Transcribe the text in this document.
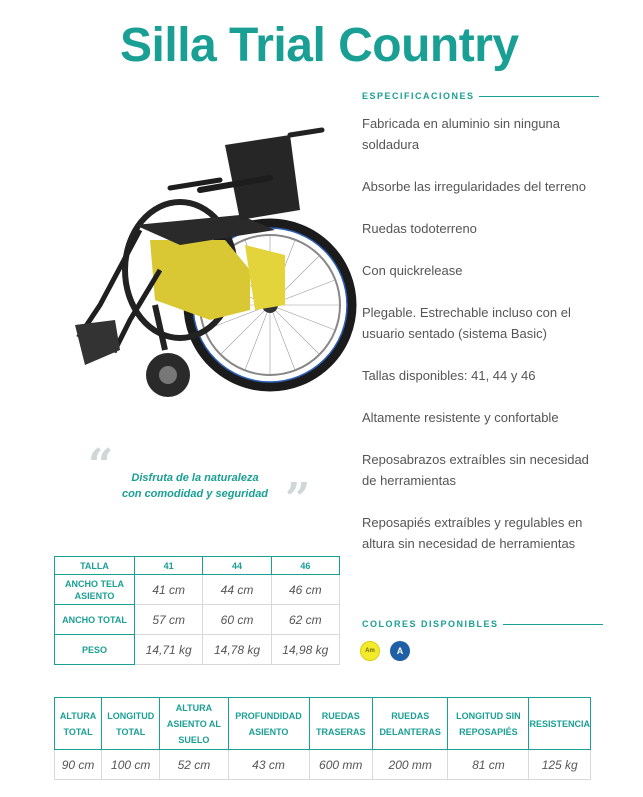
Silla Trial Country
ESPECIFICACIONES
Fabricada en aluminio sin ninguna soldadura
Absorbe las irregularidades del terreno
Ruedas todoterreno
Con quickrelease
Plegable. Estrechable incluso con el usuario sentado (sistema Basic)
Tallas disponibles: 41, 44 y 46
Altamente resistente y confortable
Reposabrazos extraíbles sin necesidad de herramientas
Reposapiés extraíbles y regulables en altura sin necesidad de herramientas
“	Disfruta de la naturaleza
con comodidad y seguridad ”
TALLA	41	44	46
ANCHO TELA ASIENTO	41 cm	44 cm	46 cm
ANCHO TOTAL	57 cm	60 cm	62 cm
PESO	14,71 kg	14,78 kg	14,98 kg
COLORES DISPONIBLES
Am	A
ALTURA TOTAL	LONGITUD TOTAL	ALTURA ASIENTO AL SUELO	PROFUNDIDAD ASIENTO	RUEDAS TRASERAS	RUEDAS DELANTERAS	LONGITUD SIN REPOSAPIÉS	RESISTENCIA
90 cm	100 cm	52 cm	43 cm	600 mm	200 mm	81 cm	125 kg
